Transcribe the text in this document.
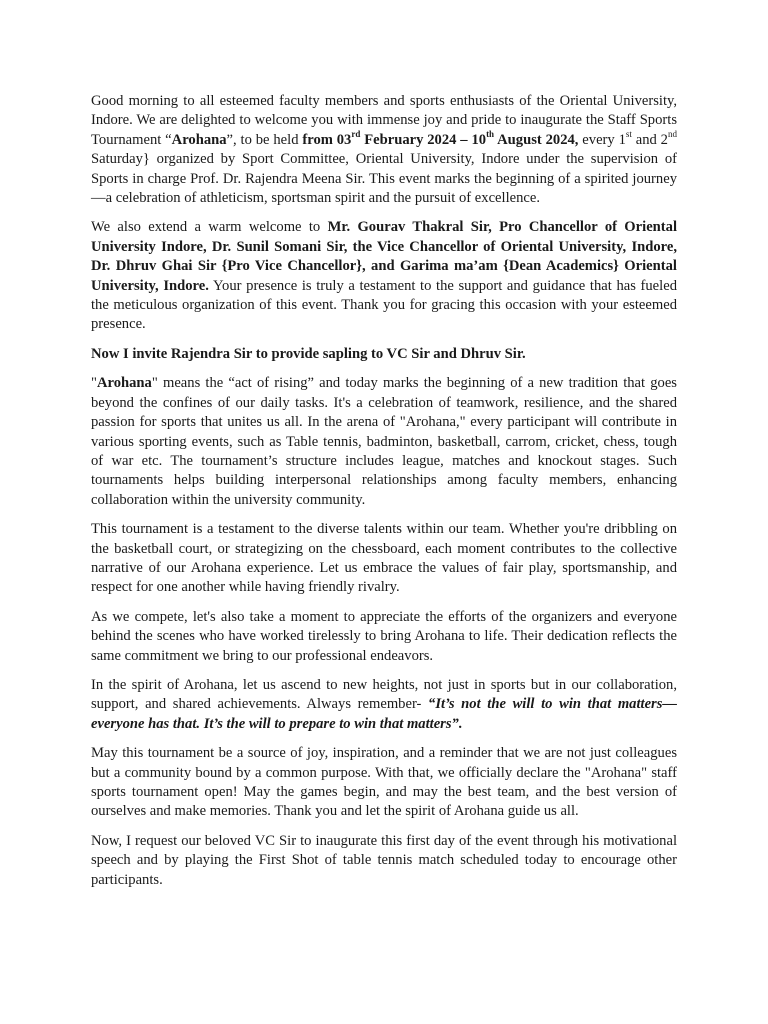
Good morning to all esteemed faculty members and sports enthusiasts of the Oriental University, Indore. We are delighted to welcome you with immense joy and pride to inaugurate the Staff Sports Tournament “Arohana”, to be held from 03rd February 2024 – 10th August 2024, every 1st and 2nd Saturday} organized by Sport Committee, Oriental University, Indore under the supervision of Sports in charge Prof. Dr. Rajendra Meena Sir. This event marks the beginning of a spirited journey—a celebration of athleticism, sportsman spirit and the pursuit of excellence.

We also extend a warm welcome to Mr. Gourav Thakral Sir, Pro Chancellor of Oriental University Indore, Dr. Sunil Somani Sir, the Vice Chancellor of Oriental University, Indore, Dr. Dhruv Ghai Sir {Pro Vice Chancellor}, and Garima ma’am {Dean Academics} Oriental University, Indore. Your presence is truly a testament to the support and guidance that has fueled the meticulous organization of this event. Thank you for gracing this occasion with your esteemed presence.

Now I invite Rajendra Sir to provide sapling to VC Sir and Dhruv Sir.

"Arohana" means the “act of rising” and today marks the beginning of a new tradition that goes beyond the confines of our daily tasks. It's a celebration of teamwork, resilience, and the shared passion for sports that unites us all. In the arena of "Arohana," every participant will contribute in various sporting events, such as Table tennis, badminton, basketball, carrom, cricket, chess, tough of war etc. The tournament’s structure includes league, matches and knockout stages. Such tournaments helps building interpersonal relationships among faculty members, enhancing collaboration within the university community.

This tournament is a testament to the diverse talents within our team. Whether you're dribbling on the basketball court, or strategizing on the chessboard, each moment contributes to the collective narrative of our Arohana experience. Let us embrace the values of fair play, sportsmanship, and respect for one another while having friendly rivalry.

As we compete, let's also take a moment to appreciate the efforts of the organizers and everyone behind the scenes who have worked tirelessly to bring Arohana to life. Their dedication reflects the same commitment we bring to our professional endeavors.

In the spirit of Arohana, let us ascend to new heights, not just in sports but in our collaboration, support, and shared achievements. Always remember- “It’s not the will to win that matters—everyone has that. It’s the will to prepare to win that matters”.

May this tournament be a source of joy, inspiration, and a reminder that we are not just colleagues but a community bound by a common purpose. With that, we officially declare the "Arohana" staff sports tournament open! May the games begin, and may the best team, and the best version of ourselves and make memories. Thank you and let the spirit of Arohana guide us all.

Now, I request our beloved VC Sir to inaugurate this first day of the event through his motivational speech and by playing the First Shot of table tennis match scheduled today to encourage other participants.
